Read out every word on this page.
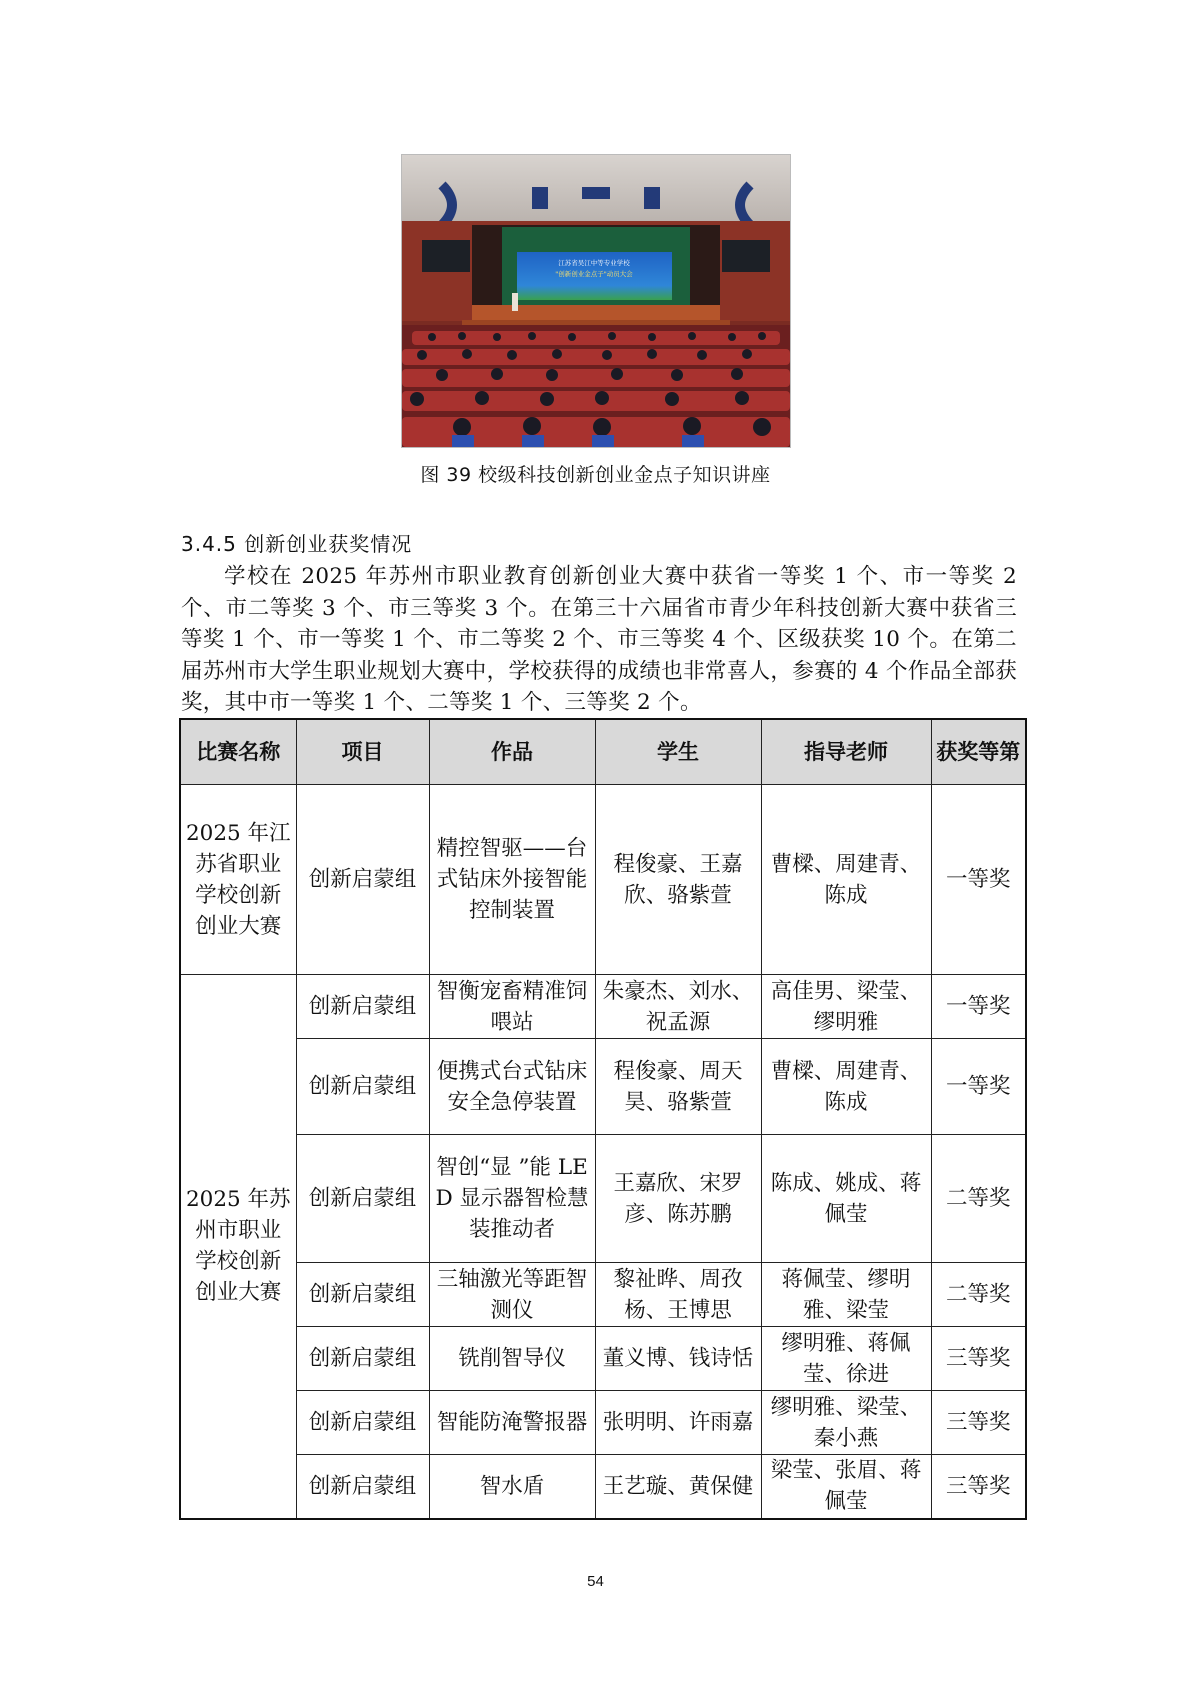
江苏省吴江中等专业学校
"创新创业金点子"动员大会
图 39 校级科技创新创业金点子知识讲座
3.4.5 创新创业获奖情况

学校在 2025 年苏州市职业教育创新创业大赛中获省一等奖 1 个、市一等奖 2 个、市二等奖 3 个、市三等奖 3 个。在第三十六届省市青少年科技创新大赛中获省三等奖 1 个、市一等奖 1 个、市二等奖 2 个、市三等奖 4 个、区级获奖 10 个。在第二届苏州市大学生职业规划大赛中，学校获得的成绩也非常喜人，参赛的 4 个作品全部获奖，其中市一等奖 1 个、二等奖 1 个、三等奖 2 个。

比赛名称	项目	作品	学生	指导老师	获奖等第
2025 年江苏省职业学校创新创业大赛	创新启蒙组	精控智驱——台式钻床外接智能控制装置	程俊豪、王嘉欣、骆紫萱	曹樑、周建青、陈成	一等奖
2025 年苏州市职业学校创新创业大赛	创新启蒙组	智衡宠畜精准饲喂站	朱豪杰、刘水、祝孟源	高佳男、梁莹、缪明雅	一等奖
	创新启蒙组	便携式台式钻床安全急停装置	程俊豪、周天昊、骆紫萱	曹樑、周建青、陈成	一等奖
	创新启蒙组	智创“显 ”能 LED 显示器智检慧装推动者	王嘉欣、宋罗彦、陈苏鹏	陈成、姚成、蒋佩莹	二等奖
	创新启蒙组	三轴激光等距智测仪	黎祉晔、周孜杨、王博思	蒋佩莹、缪明雅、梁莹	二等奖
	创新启蒙组	铣削智导仪	董义博、钱诗恬	缪明雅、蒋佩莹、徐进	三等奖
	创新启蒙组	智能防淹警报器	张明明、许雨嘉	缪明雅、梁莹、秦小燕	三等奖
	创新启蒙组	智水盾	王艺璇、黄保健	梁莹、张眉、蒋佩莹	三等奖
54
